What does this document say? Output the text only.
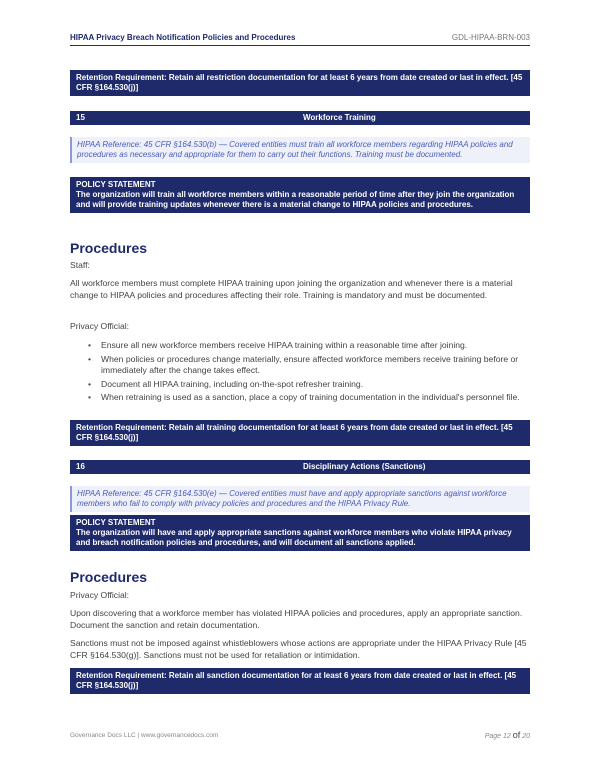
HIPAA Privacy Breach Notification Policies and Procedures	GDL-HIPAA-BRN-003
Retention Requirement: Retain all restriction documentation for at least 6 years from date created or last in effect. [45 CFR §164.530(j)]
15	Workforce Training
HIPAA Reference: 45 CFR §164.530(b) — Covered entities must train all workforce members regarding HIPAA policies and procedures as necessary and appropriate for them to carry out their functions. Training must be documented.
POLICY STATEMENT
The organization will train all workforce members within a reasonable period of time after they join the organization and will provide training updates whenever there is a material change to HIPAA policies and procedures.
Procedures
Staff:
All workforce members must complete HIPAA training upon joining the organization and whenever there is a material change to HIPAA policies and procedures affecting their role. Training is mandatory and must be documented.
Privacy Official:
• Ensure all new workforce members receive HIPAA training within a reasonable time after joining.
• When policies or procedures change materially, ensure affected workforce members receive training before or immediately after the change takes effect.
• Document all HIPAA training, including on-the-spot refresher training.
• When retraining is used as a sanction, place a copy of training documentation in the individual's personnel file.
Retention Requirement: Retain all training documentation for at least 6 years from date created or last in effect. [45 CFR §164.530(j)]
16	Disciplinary Actions (Sanctions)
HIPAA Reference: 45 CFR §164.530(e) — Covered entities must have and apply appropriate sanctions against workforce members who fail to comply with privacy policies and procedures and the HIPAA Privacy Rule.
POLICY STATEMENT
The organization will have and apply appropriate sanctions against workforce members who violate HIPAA privacy and breach notification policies and procedures, and will document all sanctions applied.
Procedures
Privacy Official:
Upon discovering that a workforce member has violated HIPAA policies and procedures, apply an appropriate sanction. Document the sanction and retain documentation.
Sanctions must not be imposed against whistleblowers whose actions are appropriate under the HIPAA Privacy Rule [45 CFR §164.530(g)]. Sanctions must not be used for retaliation or intimidation.
Retention Requirement: Retain all sanction documentation for at least 6 years from date created or last in effect. [45 CFR §164.530(j)]
Governance Docs LLC | www.governancedocs.com	Page 12 of 20
